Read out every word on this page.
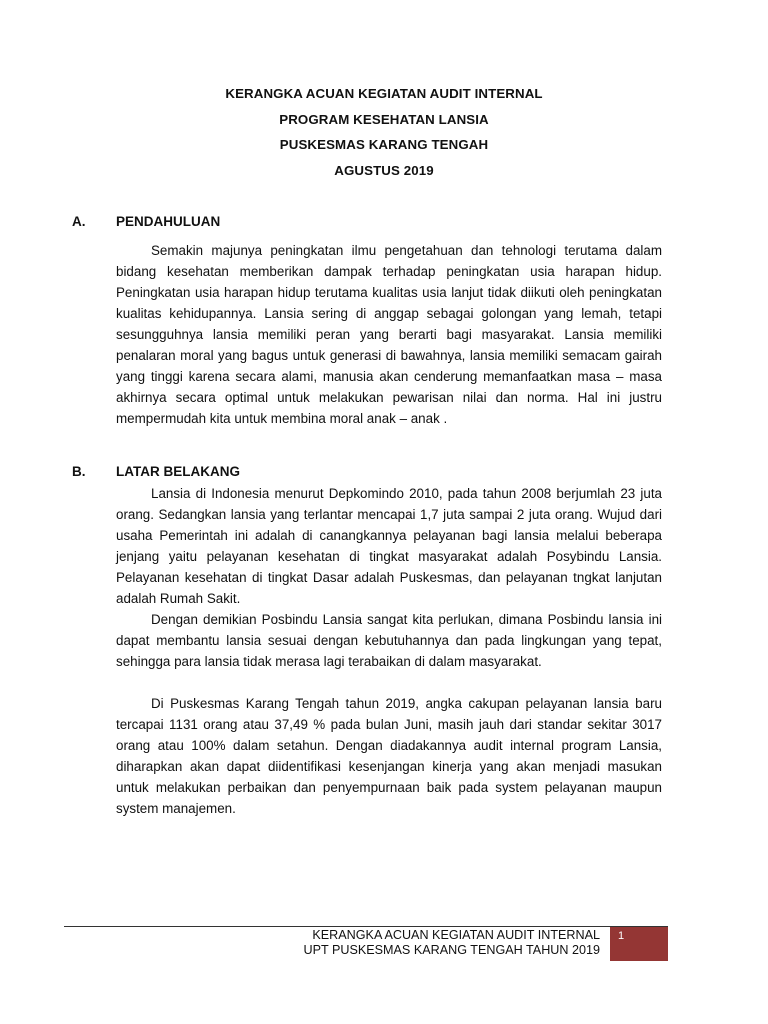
KERANGKA ACUAN KEGIATAN AUDIT INTERNAL
PROGRAM KESEHATAN LANSIA
PUSKESMAS KARANG TENGAH
AGUSTUS 2019
A. PENDAHULUAN

Semakin majunya peningkatan ilmu pengetahuan dan tehnologi terutama dalam bidang kesehatan memberikan dampak terhadap peningkatan usia harapan hidup. Peningkatan usia harapan hidup terutama kualitas usia lanjut tidak diikuti oleh peningkatan kualitas kehidupannya. Lansia sering di anggap sebagai golongan yang lemah, tetapi sesungguhnya lansia memiliki peran yang berarti bagi masyarakat. Lansia memiliki penalaran moral yang bagus untuk generasi di bawahnya, lansia memiliki semacam gairah yang tinggi karena secara alami, manusia akan cenderung memanfaatkan masa – masa akhirnya secara optimal untuk melakukan pewarisan nilai dan norma. Hal ini justru mempermudah kita untuk membina moral anak – anak .

B. LATAR BELAKANG

Lansia di Indonesia menurut Depkomindo 2010, pada tahun 2008 berjumlah 23 juta orang. Sedangkan lansia yang terlantar mencapai 1,7 juta sampai 2 juta orang. Wujud dari usaha Pemerintah ini adalah di canangkannya pelayanan bagi lansia melalui beberapa jenjang yaitu pelayanan kesehatan di tingkat masyarakat adalah Posybindu Lansia. Pelayanan kesehatan di tingkat Dasar adalah Puskesmas, dan pelayanan tngkat lanjutan adalah Rumah Sakit.

Dengan demikian Posbindu Lansia sangat kita perlukan, dimana Posbindu lansia ini dapat membantu lansia sesuai dengan kebutuhannya dan pada lingkungan yang tepat, sehingga para lansia tidak merasa lagi terabaikan di dalam masyarakat.

Di Puskesmas Karang Tengah tahun 2019, angka cakupan pelayanan lansia baru tercapai 1131 orang atau 37,49 % pada bulan Juni, masih jauh dari standar sekitar 3017 orang atau 100% dalam setahun. Dengan diadakannya audit internal program Lansia, diharapkan akan dapat diidentifikasi kesenjangan kinerja yang akan menjadi masukan untuk melakukan perbaikan dan penyempurnaan baik pada system pelayanan maupun system manajemen.

KERANGKA ACUAN KEGIATAN AUDIT INTERNAL
UPT PUSKESMAS KARANG TENGAH TAHUN 2019
1
